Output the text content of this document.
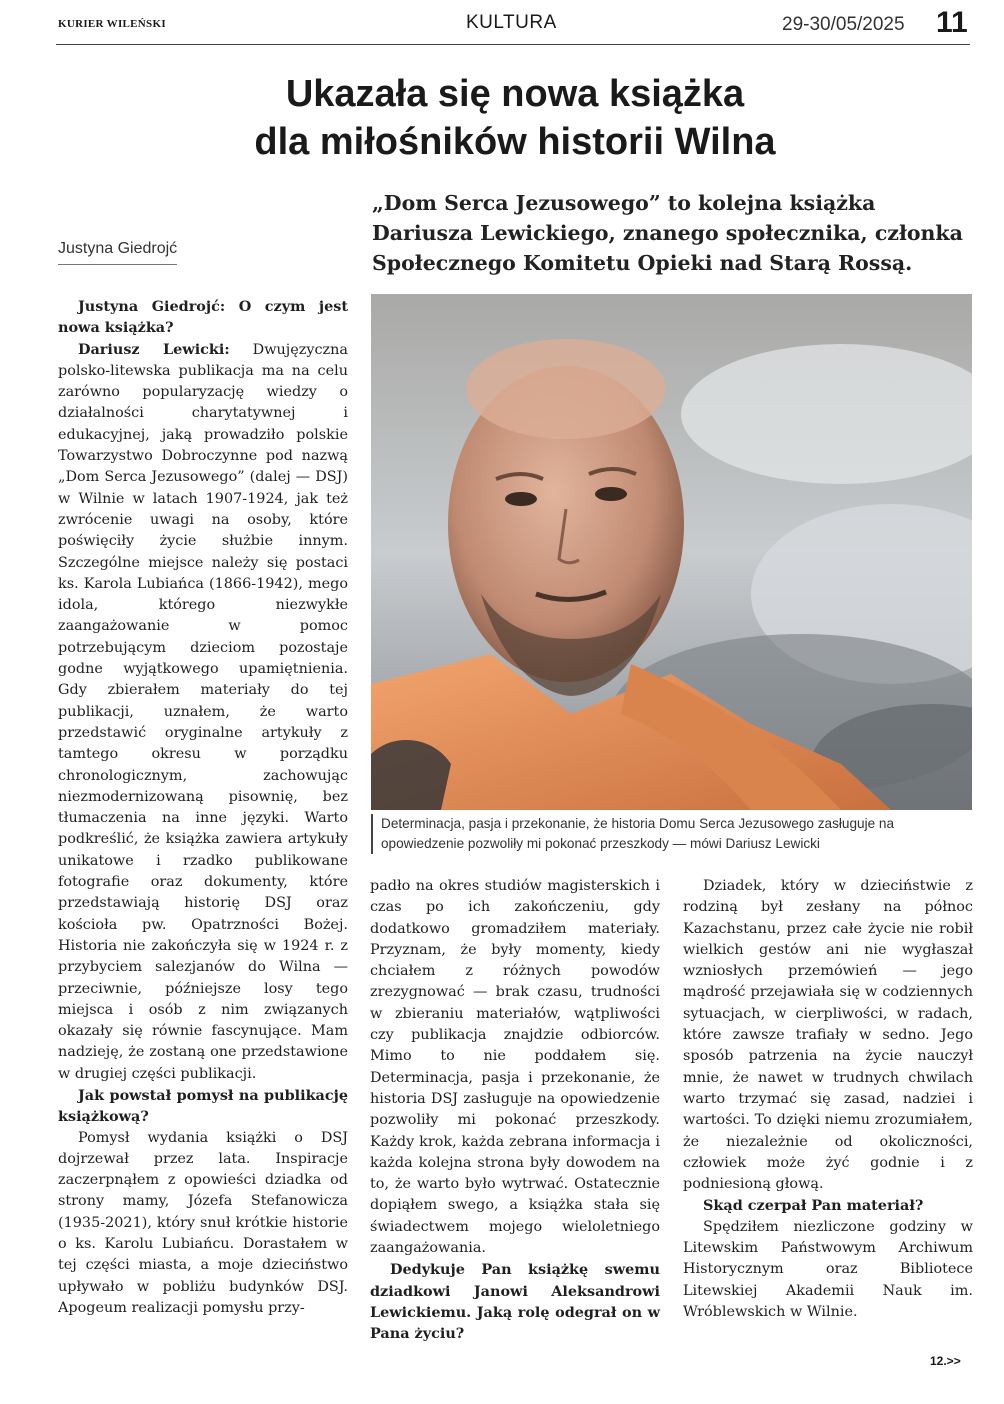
KURIER WILEŃSKI	KULTURA	29-30/05/2025 11
Ukazała się nowa książka
dla miłośników historii Wilna
„Dom Serca Jezusowego” to kolejna książka Dariusza Lewickiego, znanego społecznika, członka Społecznego Komitetu Opieki nad Starą Rossą.
Justyna Giedrojć

Justyna Giedrojć: O czym jest nowa książka?

Dariusz Lewicki: Dwujęzyczna polsko-litewska publikacja ma na celu zarówno popularyzację wiedzy o działalności charytatywnej i edukacyjnej, jaką prowadziło polskie Towarzystwo Dobroczynne pod nazwą „Dom Serca Jezusowego” (dalej — DSJ) w Wilnie w latach 1907-1924, jak też zwrócenie uwagi na osoby, które poświęciły życie służbie innym. Szczególne miejsce należy się postaci ks. Karola Lubiańca (1866-1942), mego idola, którego niezwykłe zaangażowanie w pomoc potrzebującym dzieciom pozostaje godne wyjątkowego upamiętnienia. Gdy zbierałem materiały do tej publikacji, uznałem, że warto przedstawić oryginalne artykuły z tamtego okresu w porządku chronologicznym, zachowując niezmodernizowaną pisownię, bez tłumaczenia na inne języki. Warto podkreślić, że książka zawiera artykuły unikatowe i rzadko publikowane fotografie oraz dokumenty, które przedstawiają historię DSJ oraz kościoła pw. Opatrzności Bożej. Historia nie zakończyła się w 1924 r. z przybyciem salezjanów do Wilna — przeciwnie, późniejsze losy tego miejsca i osób z nim związanych okazały się równie fascynujące. Mam nadzieję, że zostaną one przedstawione w drugiej części publikacji.

Jak powstał pomysł na publikację książkową?

Pomysł wydania książki o DSJ dojrzewał przez lata. Inspiracje zaczerpnąłem z opowieści dziadka od strony mamy, Józefa Stefanowicza (1935-2021), który snuł krótkie historie o ks. Karolu Lubiańcu. Dorastałem w tej części miasta, a moje dzieciństwo upływało w pobliżu budynków DSJ. Apogeum realizacji pomysłu przy-

Determinacja, pasja i przekonanie, że historia Domu Serca Jezusowego zasługuje na opowiedzenie pozwoliły mi pokonać przeszkody — mówi Dariusz Lewicki

padło na okres studiów magisterskich i czas po ich zakończeniu, gdy dodatkowo gromadziłem materiały. Przyznam, że były momenty, kiedy chciałem z różnych powodów zrezygnować — brak czasu, trudności w zbieraniu materiałów, wątpliwości czy publikacja znajdzie odbiorców. Mimo to nie poddałem się. Determinacja, pasja i przekonanie, że historia DSJ zasługuje na opowiedzenie pozwoliły mi pokonać przeszkody. Każdy krok, każda zebrana informacja i każda kolejna strona były dowodem na to, że warto było wytrwać. Ostatecznie dopiąłem swego, a książka stała się świadectwem mojego wieloletniego zaangażowania.

Dedykuje Pan książkę swemu dziadkowi Janowi Aleksandrowi Lewickiemu. Jaką rolę odegrał on w Pana życiu?

Dziadek, który w dzieciństwie z rodziną był zesłany na północ Kazachstanu, przez całe życie nie robił wielkich gestów ani nie wygłaszał wzniosłych przemówień — jego mądrość przejawiała się w codziennych sytuacjach, w cierpliwości, w radach, które zawsze trafiały w sedno. Jego sposób patrzenia na życie nauczył mnie, że nawet w trudnych chwilach warto trzymać się zasad, nadziei i wartości. To dzięki niemu zrozumiałem, że niezależnie od okoliczności, człowiek może żyć godnie i z podniesioną głową.

Skąd czerpał Pan materiał?

Spędziłem niezliczone godziny w Litewskim Państwowym Archiwum Historycznym oraz Bibliotece Litewskiej Akademii Nauk im. Wróblewskich w Wilnie.

12.>>
